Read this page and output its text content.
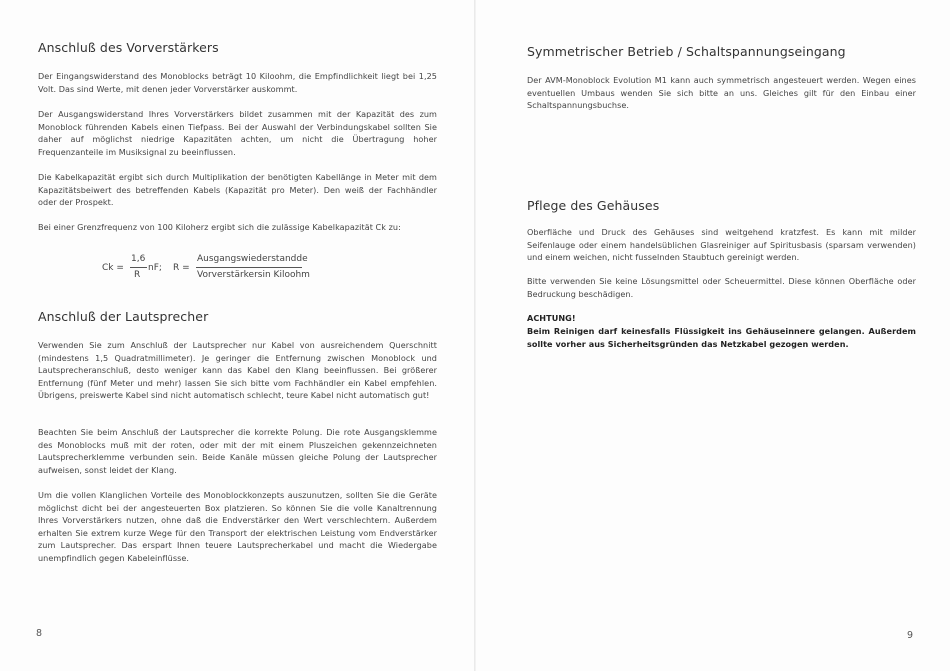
Anschluß des Vorverstärkers

Der Eingangswiderstand des Monoblocks beträgt 10 Kiloohm, die Empfindlichkeit liegt bei 1,25 Volt. Das sind Werte, mit denen jeder Vorverstärker auskommt.

Der Ausgangswiderstand Ihres Vorverstärkers bildet zusammen mit der Kapazität des zum Monoblock führenden Kabels einen Tiefpass. Bei der Auswahl der Verbindungskabel sollten Sie daher auf möglichst niedrige Kapazitäten achten, um nicht die Übertragung hoher Frequenzanteile im Musiksignal zu beeinflussen.

Die Kabelkapazität ergibt sich durch Multiplikation der benötigten Kabellänge in Meter mit dem Kapazitätsbeiwert des betreffenden Kabels (Kapazität pro Meter). Den weiß der Fachhändler oder der Prospekt.

Bei einer Grenzfrequenz von 100 Kiloherz ergibt sich die zulässige Kabelkapazität Ck zu:

Ck =
1,6
R
nF; R =
Ausgangswiederstandde
Vorverstärkersin Kiloohm
Anschluß der Lautsprecher

Verwenden Sie zum Anschluß der Lautsprecher nur Kabel von ausreichendem Querschnitt (mindestens 1,5 Quadratmillimeter). Je geringer die Entfernung zwischen Monoblock und Lautsprecheranschluß, desto weniger kann das Kabel den Klang beeinflussen. Bei größerer Entfernung (fünf Meter und mehr) lassen Sie sich bitte vom Fachhändler ein Kabel empfehlen. Übrigens, preiswerte Kabel sind nicht automatisch schlecht, teure Kabel nicht automatisch gut!

Beachten Sie beim Anschluß der Lautsprecher die korrekte Polung. Die rote Ausgangsklemme des Monoblocks muß mit der roten, oder mit der mit einem Pluszeichen gekennzeichneten Lautsprecherklemme verbunden sein. Beide Kanäle müssen gleiche Polung der Lautsprecher aufweisen, sonst leidet der Klang.

Um die vollen Klanglichen Vorteile des Monoblockkonzepts auszunutzen, sollten Sie die Geräte möglichst dicht bei der angesteuerten Box platzieren. So können Sie die volle Kanaltrennung Ihres Vorverstärkers nutzen, ohne daß die Endverstärker den Wert verschlechtern. Außerdem erhalten Sie extrem kurze Wege für den Transport der elektrischen Leistung vom Endverstärker zum Lautsprecher. Das erspart Ihnen teuere Lautsprecherkabel und macht die Wiedergabe unempfindlich gegen Kabeleinflüsse.

8
Symmetrischer Betrieb / Schaltspannungseingang

Der AVM-Monoblock Evolution M1 kann auch symmetrisch angesteuert werden. Wegen eines eventuellen Umbaus wenden Sie sich bitte an uns. Gleiches gilt für den Einbau einer Schaltspannungsbuchse.

Pflege des Gehäuses

Oberfläche und Druck des Gehäuses sind weitgehend kratzfest. Es kann mit milder Seifenlauge oder einem handelsüblichen Glasreiniger auf Spiritusbasis (sparsam verwenden) und einem weichen, nicht fusselnden Staubtuch gereinigt werden.

Bitte verwenden Sie keine Lösungsmittel oder Scheuermittel. Diese können Oberfläche oder Bedruckung beschädigen.

ACHTUNG!

Beim Reinigen darf keinesfalls Flüssigkeit ins Gehäuseinnere gelangen. Außerdem sollte vorher aus Sicherheitsgründen das Netzkabel gezogen werden.

9
